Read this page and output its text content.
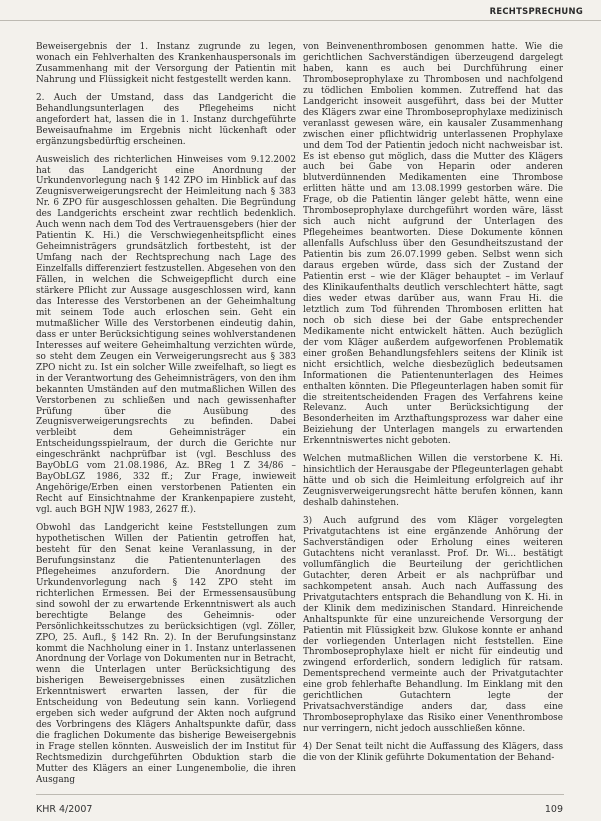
RECHTSPRECHUNG

Beweisergebnis der 1. Instanz zugrunde zu legen, wonach ein Fehlverhalten des Krankenhauspersonals im Zusammenhang mit der Versorgung der Patientin mit Nahrung und Flüssigkeit nicht festgestellt werden kann.

2. Auch der Umstand, dass das Landgericht die Behandlungsunterlagen des Pflegeheims nicht angefordert hat, lassen die in 1. Instanz durchgeführte Beweisaufnahme im Ergebnis nicht lückenhaft oder ergänzungsbedürftig erscheinen.

Ausweislich des richterlichen Hinweises vom 9.12.2002 hat das Landgericht eine Anordnung der Urkundenvorlegung nach § 142 ZPO im Hinblick auf das Zeugnisverweigerungsrecht der Heimleitung nach § 383 Nr. 6 ZPO für ausgeschlossen gehalten. Die Begründung des Landgerichts erscheint zwar rechtlich bedenklich. Auch wenn nach dem Tod des Vertrauensgebers (hier der Patientin K. Hi.) die Verschwiegenheitspflicht eines Geheimnisträgers grundsätzlich fortbesteht, ist der Umfang nach der Rechtsprechung nach Lage des Einzelfalls differenziert festzustellen. Abgesehen von den Fällen, in welchen die Schweigepflicht durch eine stärkere Pflicht zur Aussage ausgeschlossen wird, kann das Interesse des Verstorbenen an der Geheimhaltung mit seinem Tode auch erloschen sein. Geht ein mutmaßlicher Wille des Verstorbenen eindeutig dahin, dass er unter Berücksichtigung seines wohlverstandenen Interesses auf weitere Geheimhaltung verzichten würde, so steht dem Zeugen ein Verweigerungsrecht aus § 383 ZPO nicht zu. Ist ein solcher Wille zweifelhaft, so liegt es in der Verantwortung des Geheimnisträgers, von den ihm bekannten Umständen auf den mutmaßlichen Willen des Verstorbenen zu schließen und nach gewissenhafter Prüfung über die Ausübung des Zeugnisverweigerungsrechts zu befinden. Dabei verbleibt dem Geheimnisträger ein Entscheidungsspielraum, der durch die Gerichte nur eingeschränkt nachprüfbar ist (vgl. Beschluss des BayObLG vom 21.08.1986, Az. BReg 1 Z 34/86 – BayObLGZ 1986, 332 ff.; Zur Frage, inwieweit Angehörige/Erben einen verstorbenen Patienten ein Recht auf Einsichtnahme der Krankenpapiere zusteht, vgl. auch BGH NJW 1983, 2627 ff.).

Obwohl das Landgericht keine Feststellungen zum hypothetischen Willen der Patientin getroffen hat, besteht für den Senat keine Veranlassung, in der Berufungsinstanz die Patientenunterlagen des Pflegeheimes anzufordern. Die Anordnung der Urkundenvorlegung nach § 142 ZPO steht im richterlichen Ermessen. Bei der Ermessensausübung sind sowohl der zu erwartende Erkenntniswert als auch berechtigte Belange des Geheimnis- oder Persönlichkeitsschutzes zu berücksichtigen (vgl. Zöller, ZPO, 25. Aufl., § 142 Rn. 2). In der Berufungsinstanz kommt die Nachholung einer in 1. Instanz unterlassenen Anordnung der Vorlage von Dokumenten nur in Betracht, wenn die Unterlagen unter Berücksichtigung des bisherigen Beweisergebnisses einen zusätzlichen Erkenntniswert erwarten lassen, der für die Entscheidung von Bedeutung sein kann. Vorliegend ergeben sich weder aufgrund der Akten noch aufgrund des Vorbringens des Klägers Anhaltspunkte dafür, dass die fraglichen Dokumente das bisherige Beweisergebnis in Frage stellen könnten. Ausweislich der im Institut für Rechtsmedizin durchgeführten Obduktion starb die Mutter des Klägers an einer Lungenembolie, die ihren Ausgang

von Beinvenenthrombosen genommen hatte. Wie die gerichtlichen Sachverständigen überzeugend dargelegt haben, kann es auch bei Durchführung einer Thromboseprophylaxe zu Thrombosen und nachfolgend zu tödlichen Embolien kommen. Zutreffend hat das Landgericht insoweit ausgeführt, dass bei der Mutter des Klägers zwar eine Thromboseprophylaxe medizinisch veranlasst gewesen wäre, ein kausaler Zusammenhang zwischen einer pflichtwidrig unterlassenen Prophylaxe und dem Tod der Patientin jedoch nicht nachweisbar ist. Es ist ebenso gut möglich, dass die Mutter des Klägers auch bei Gabe von Heparin oder anderen blutverdünnenden Medikamenten eine Thrombose erlitten hätte und am 13.08.1999 gestorben wäre. Die Frage, ob die Patientin länger gelebt hätte, wenn eine Thromboseprophylaxe durchgeführt worden wäre, lässt sich auch nicht aufgrund der Unterlagen des Pflegeheimes beantworten. Diese Dokumente können allenfalls Aufschluss über den Gesundheitszustand der Patientin bis zum 26.07.1999 geben. Selbst wenn sich daraus ergeben würde, dass sich der Zustand der Patientin erst – wie der Kläger behauptet – im Verlauf des Klinikaufenthalts deutlich verschlechtert hätte, sagt dies weder etwas darüber aus, wann Frau Hi. die letztlich zum Tod führenden Thrombosen erlitten hat noch ob sich diese bei der Gabe entsprechender Medikamente nicht entwickelt hätten. Auch bezüglich der vom Kläger außerdem aufgeworfenen Problematik einer großen Behandlungsfehlers seitens der Klinik ist nicht ersichtlich, welche diesbezüglich bedeutsamen Informationen die Patientenunterlagen des Heimes enthalten könnten. Die Pflegeunterlagen haben somit für die streitentscheidenden Fragen des Verfahrens keine Relevanz. Auch unter Berücksichtigung der Besonderheiten im Arzthaftungsprozess war daher eine Beiziehung der Unterlagen mangels zu erwartenden Erkenntniswertes nicht geboten.

Welchen mutmaßlichen Willen die verstorbene K. Hi. hinsichtlich der Herausgabe der Pflegeunterlagen gehabt hätte und ob sich die Heimleitung erfolgreich auf ihr Zeugnisverweigerungsrecht hätte berufen können, kann deshalb dahinstehen.

3) Auch aufgrund des vom Kläger vorgelegten Privatgutachtens ist eine ergänzende Anhörung der Sachverständigen oder Erholung eines weiteren Gutachtens nicht veranlasst. Prof. Dr. Wi... bestätigt vollumfänglich die Beurteilung der gerichtlichen Gutachter, deren Arbeit er als nachprüfbar und sachkompetent ansah. Auch nach Auffassung des Privatgutachters entsprach die Behandlung von K. Hi. in der Klinik dem medizinischen Standard. Hinreichende Anhaltspunkte für eine unzureichende Versorgung der Patientin mit Flüssigkeit bzw. Glukose konnte er anhand der vorliegenden Unterlagen nicht feststellen. Eine Thromboseprophylaxe hielt er nicht für eindeutig und zwingend erforderlich, sondern lediglich für ratsam. Dementsprechend vermeinte auch der Privatgutachter eine grob fehlerhafte Behandlung. Im Einklang mit den gerichtlichen Gutachtern legte der Privatsachverständige anders dar, dass eine Thromboseprophylaxe das Risiko einer Venenthrombose nur verringern, nicht jedoch ausschließen könne.

4) Der Senat teilt nicht die Auffassung des Klägers, dass die von der Klinik geführte Dokumentation der Behand-

KHR 4/2007	109
